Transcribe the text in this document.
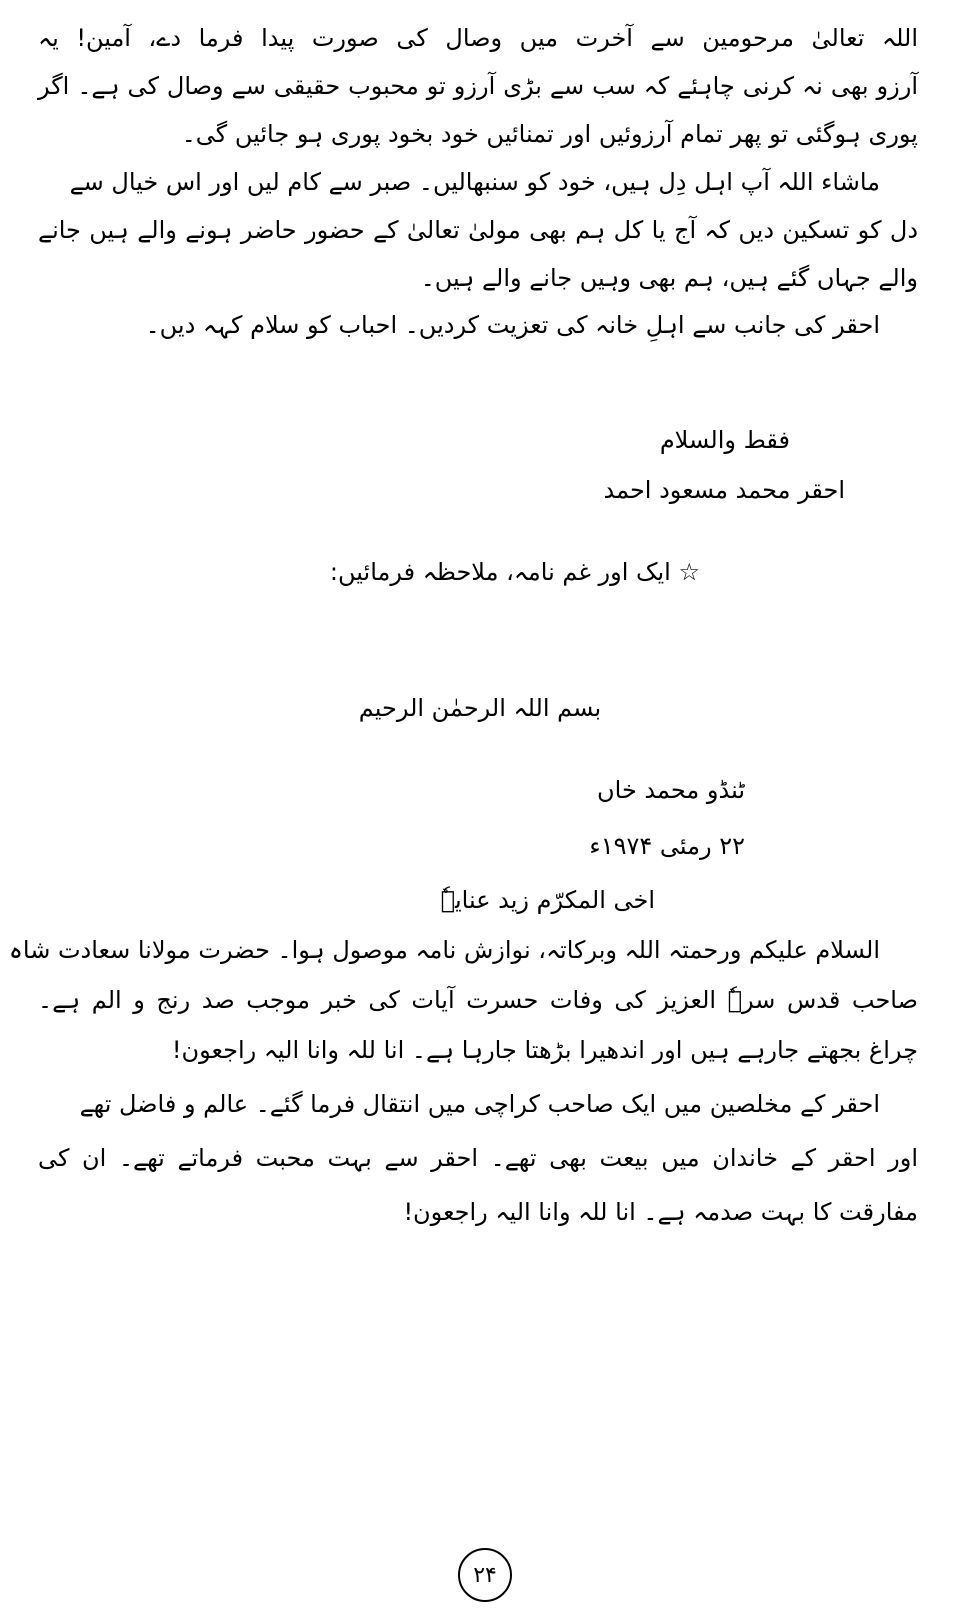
اللہ تعالیٰ مرحومین سے آخرت میں وصال کی صورت پیدا فرما دے، آمین! یہ

آرزو بھی نہ کرنی چاہئے کہ سب سے بڑی آرزو تو محبوب حقیقی سے وصال کی ہے۔ اگر

پوری ہوگئی تو پھر تمام آرزوئیں اور تمنائیں خود بخود پوری ہو جائیں گی۔

ماشاء اللہ آپ اہل دِل ہیں، خود کو سنبھالیں۔ صبر سے کام لیں اور اس خیال سے

دل کو تسکین دیں کہ آج یا کل ہم بھی مولیٰ تعالیٰ کے حضور حاضر ہونے والے ہیں جانے

والے جہاں گئے ہیں، ہم بھی وہیں جانے والے ہیں۔

احقر کی جانب سے اہلِ خانہ کی تعزیت کردیں۔ احباب کو سلام کہہ دیں۔

فقط والسلام

احقر محمد مسعود احمد

☆ ایک اور غم نامہ، ملاحظہ فرمائیں:

بسم اللہ الرحمٰن الرحیم

ٹنڈو محمد خاں

۲۲ رمئی ۱۹۷۴ء

اخی المکرّم زید عنایۃٗ

السلام علیکم ورحمتہ اللہ وبرکاتہ، نوازش نامہ موصول ہوا۔ حضرت مولانا سعادت شاہ

صاحب قدس سرہٗ العزیز کی وفات حسرت آیات کی خبر موجب صد رنج و الم ہے۔

چراغ بجھتے جارہے ہیں اور اندھیرا بڑھتا جارہا ہے۔ انا للہ وانا الیہ راجعون!

احقر کے مخلصین میں ایک صاحب کراچی میں انتقال فرما گئے۔ عالم و فاضل تھے

اور احقر کے خاندان میں بیعت بھی تھے۔ احقر سے بہت محبت فرماتے تھے۔ ان کی

مفارقت کا بہت صدمہ ہے۔ انا للہ وانا الیہ راجعون!

۲۴
